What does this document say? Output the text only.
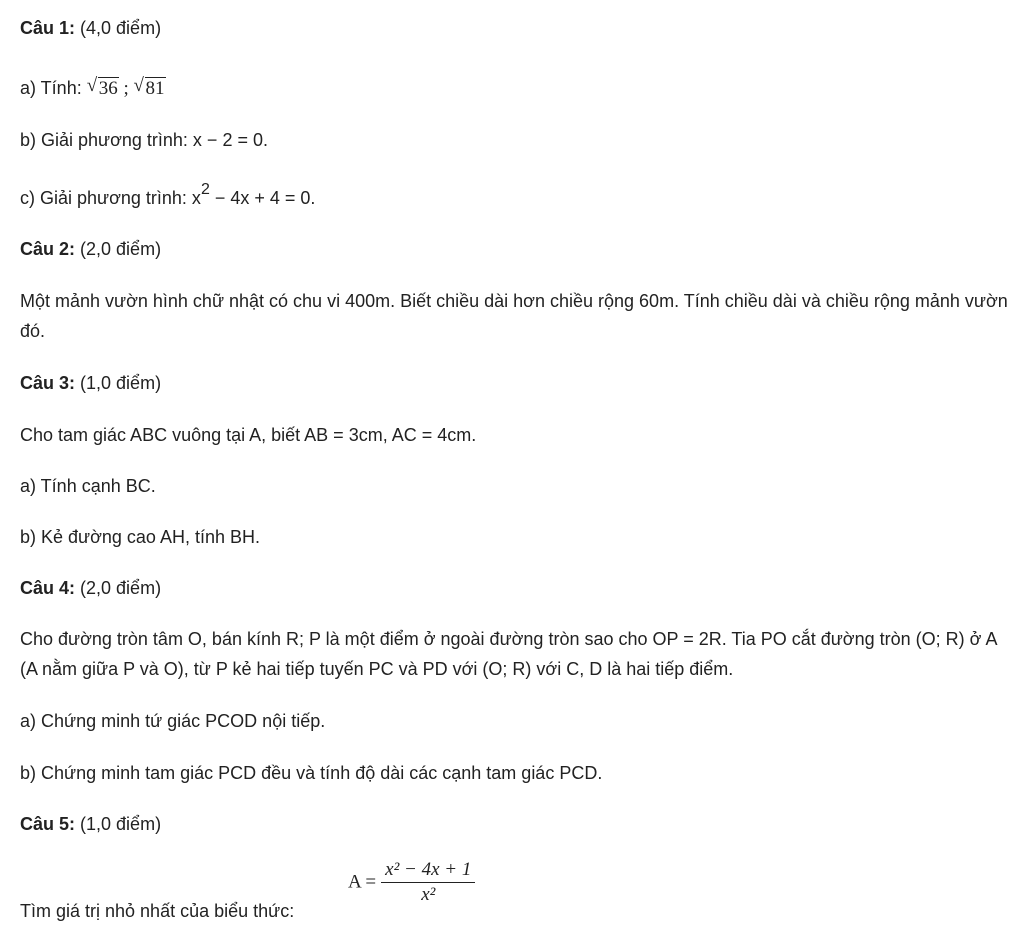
Câu 1: (4,0 điểm)
a) Tính: √ 36 ; √ 81
b) Giải phương trình: x − 2 = 0.
c) Giải phương trình: $x^2 - 4x + 4 = 0$.
Câu 2: (2,0 điểm)
Một mảnh vườn hình chữ nhật có chu vi 400m. Biết chiều dài hơn chiều rộng 60m. Tính chiều dài và chiều rộng mảnh vườn đó.
Câu 3: (1,0 điểm)
Cho tam giác ABC vuông tại A, biết AB = 3cm, AC = 4cm.
a) Tính cạnh BC.
b) Kẻ đường cao AH, tính BH.
Câu 4: (2,0 điểm)
Cho đường tròn tâm O, bán kính R; P là một điểm ở ngoài đường tròn sao cho OP = 2R. Tia PO cắt đường tròn (O; R) ở A (A nằm giữa P và O), từ P kẻ hai tiếp tuyến PC và PD với (O; R) với C, D là hai tiếp điểm.
a) Chứng minh tứ giác PCOD nội tiếp.
b) Chứng minh tam giác PCD đều và tính độ dài các cạnh tam giác PCD.
Câu 5: (1,0 điểm)
Tìm giá trị nhỏ nhất của biểu thức:
$A = \frac{\text{x² − 4x + 1}}{\text{x²}}$
